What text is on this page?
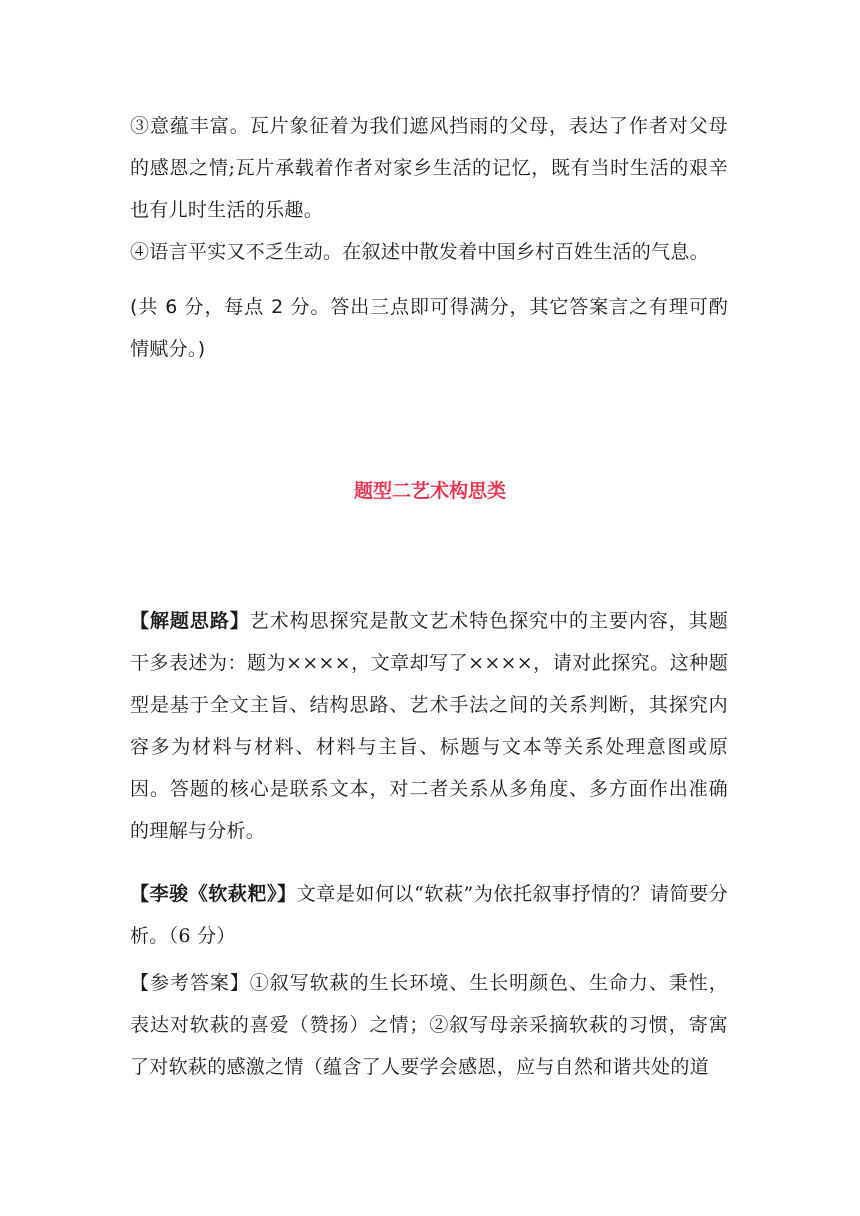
③意蕴丰富。瓦片象征着为我们遮风挡雨的父母，表达了作者对父母的感恩之情;瓦片承载着作者对家乡生活的记忆，既有当时生活的艰辛也有儿时生活的乐趣。
④语言平实又不乏生动。在叙述中散发着中国乡村百姓生活的气息。
(共 6 分，每点 2 分。答出三点即可得满分，其它答案言之有理可酌情赋分。)
题型二艺术构思类
【解题思路】艺术构思探究是散文艺术特色探究中的主要内容，其题干多表述为：题为××××，文章却写了××××，请对此探究。这种题型是基于全文主旨、结构思路、艺术手法之间的关系判断，其探究内容多为材料与材料、材料与主旨、标题与文本等关系处理意图或原因。答题的核心是联系文本，对二者关系从多角度、多方面作出准确的理解与分析。
【李骏《软萩粑》】文章是如何以“软萩”为依托叙事抒情的？请简要分析。（6 分）
【参考答案】①叙写软萩的生长环境、生长明颜色、生命力、秉性，表达对软萩的喜爱（赞扬）之情；②叙写母亲采摘软萩的习惯，寄寓了对软萩的感激之情（蕴含了人要学会感恩，应与自然和谐共处的道
